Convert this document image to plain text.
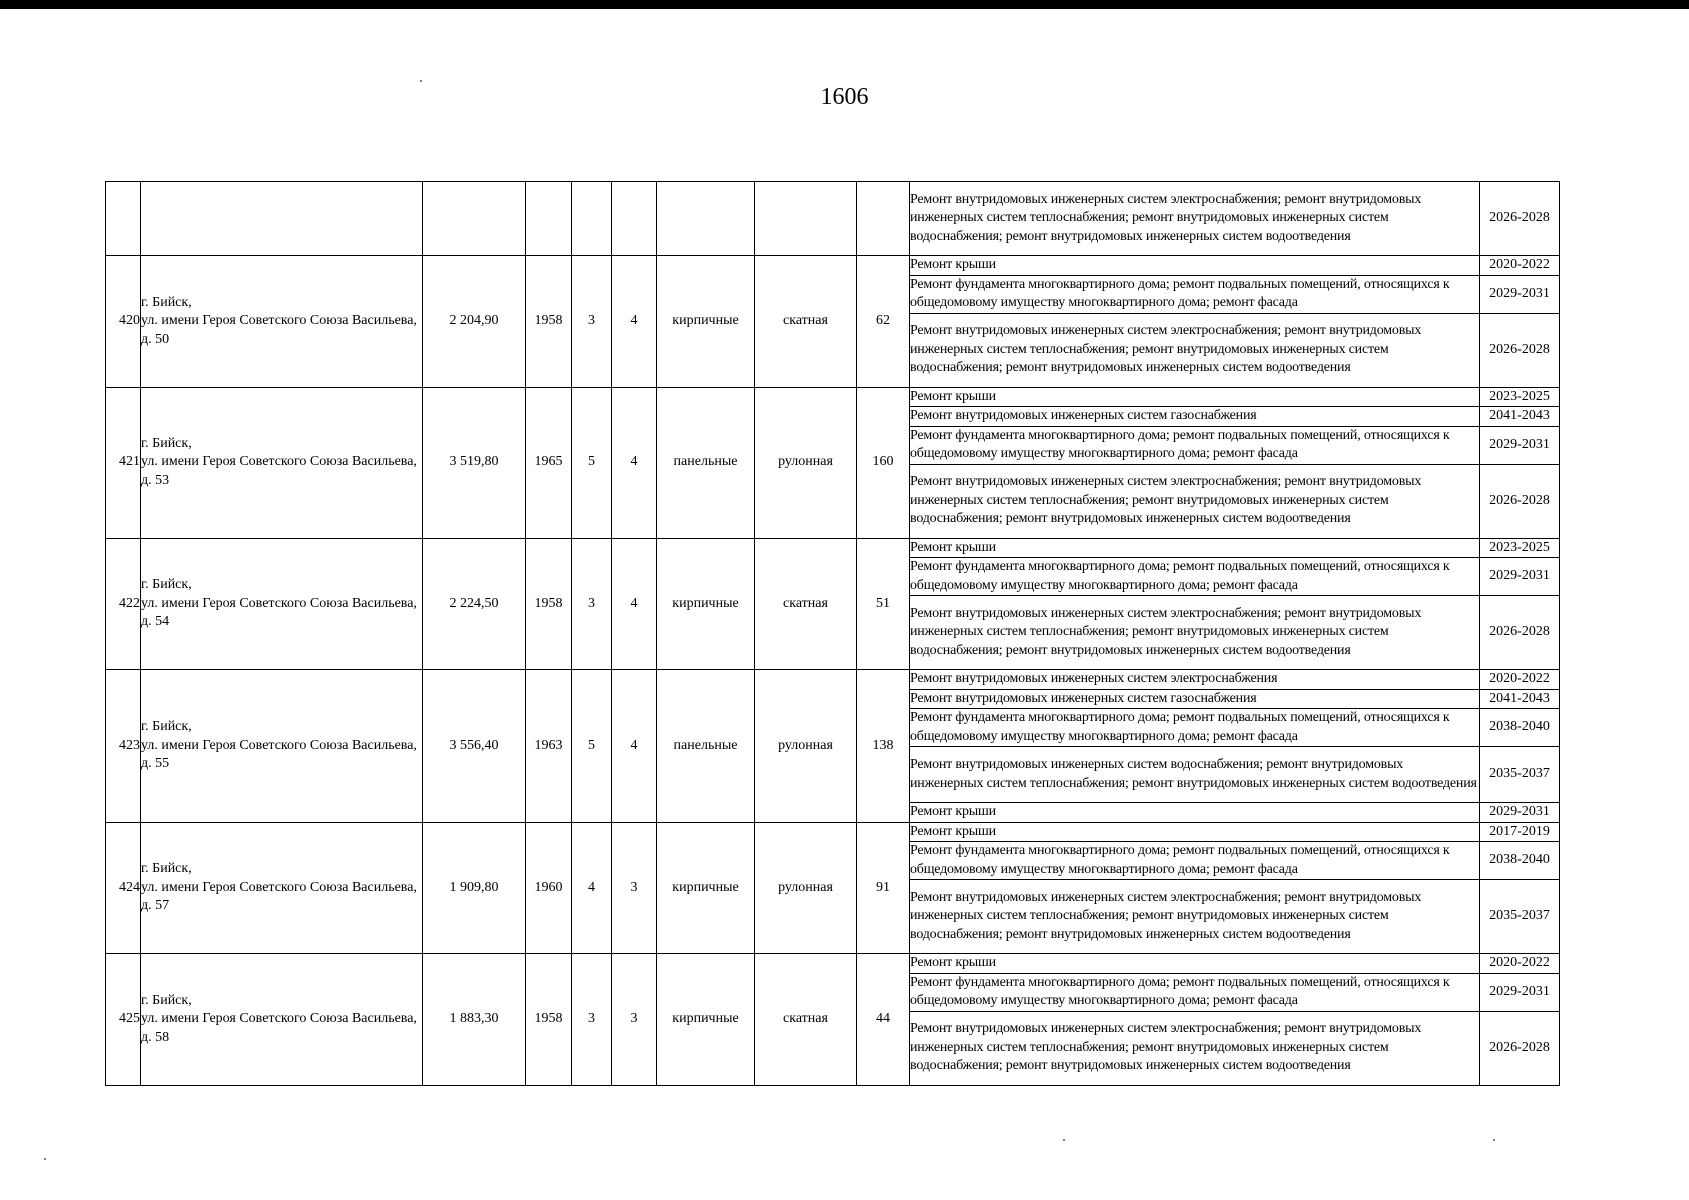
1606
									Ремонт внутридомовых инженерных систем электроснабжения; ремонт внутридомовых инженерных систем теплоснабжения; ремонт внутридомовых инженерных систем водоснабжения; ремонт внутридомовых инженерных систем водоотведения	2026-2028
420	г. Бийск,
ул. имени Героя Советского Союза Васильева,
д. 50	2 204,90	1958	3	4	кирпичные	скатная	62	Ремонт крыши	2020-2022
									Ремонт фундамента многоквартирного дома; ремонт подвальных помещений, относящихся к общедомовому имуществу многоквартирного дома; ремонт фасада	2029-2031
									Ремонт внутридомовых инженерных систем электроснабжения; ремонт внутридомовых инженерных систем теплоснабжения; ремонт внутридомовых инженерных систем водоснабжения; ремонт внутридомовых инженерных систем водоотведения	2026-2028
421	г. Бийск,
ул. имени Героя Советского Союза Васильева,
д. 53	3 519,80	1965	5	4	панельные	рулонная	160	Ремонт крыши	2023-2025
									Ремонт внутридомовых инженерных систем газоснабжения	2041-2043
									Ремонт фундамента многоквартирного дома; ремонт подвальных помещений, относящихся к общедомовому имуществу многоквартирного дома; ремонт фасада	2029-2031
									Ремонт внутридомовых инженерных систем электроснабжения; ремонт внутридомовых инженерных систем теплоснабжения; ремонт внутридомовых инженерных систем водоснабжения; ремонт внутридомовых инженерных систем водоотведения	2026-2028
422	г. Бийск,
ул. имени Героя Советского Союза Васильева,
д. 54	2 224,50	1958	3	4	кирпичные	скатная	51	Ремонт крыши	2023-2025
									Ремонт фундамента многоквартирного дома; ремонт подвальных помещений, относящихся к общедомовому имуществу многоквартирного дома; ремонт фасада	2029-2031
									Ремонт внутридомовых инженерных систем электроснабжения; ремонт внутридомовых инженерных систем теплоснабжения; ремонт внутридомовых инженерных систем водоснабжения; ремонт внутридомовых инженерных систем водоотведения	2026-2028
423	г. Бийск,
ул. имени Героя Советского Союза Васильева,
д. 55	3 556,40	1963	5	4	панельные	рулонная	138	Ремонт внутридомовых инженерных систем электроснабжения	2020-2022
									Ремонт внутридомовых инженерных систем газоснабжения	2041-2043
									Ремонт фундамента многоквартирного дома; ремонт подвальных помещений, относящихся к общедомовому имуществу многоквартирного дома; ремонт фасада	2038-2040
									Ремонт внутридомовых инженерных систем водоснабжения; ремонт внутридомовых инженерных систем теплоснабжения; ремонт внутридомовых инженерных систем водоотведения	2035-2037
									Ремонт крыши	2029-2031
424	г. Бийск,
ул. имени Героя Советского Союза Васильева,
д. 57	1 909,80	1960	4	3	кирпичные	рулонная	91	Ремонт крыши	2017-2019
									Ремонт фундамента многоквартирного дома; ремонт подвальных помещений, относящихся к общедомовому имуществу многоквартирного дома; ремонт фасада	2038-2040
									Ремонт внутридомовых инженерных систем электроснабжения; ремонт внутридомовых инженерных систем теплоснабжения; ремонт внутридомовых инженерных систем водоснабжения; ремонт внутридомовых инженерных систем водоотведения	2035-2037
425	г. Бийск,
ул. имени Героя Советского Союза Васильева,
д. 58	1 883,30	1958	3	3	кирпичные	скатная	44	Ремонт крыши	2020-2022
									Ремонт фундамента многоквартирного дома; ремонт подвальных помещений, относящихся к общедомовому имуществу многоквартирного дома; ремонт фасада	2029-2031
									Ремонт внутридомовых инженерных систем электроснабжения; ремонт внутридомовых инженерных систем теплоснабжения; ремонт внутридомовых инженерных систем водоснабжения; ремонт внутридомовых инженерных систем водоотведения	2026-2028
